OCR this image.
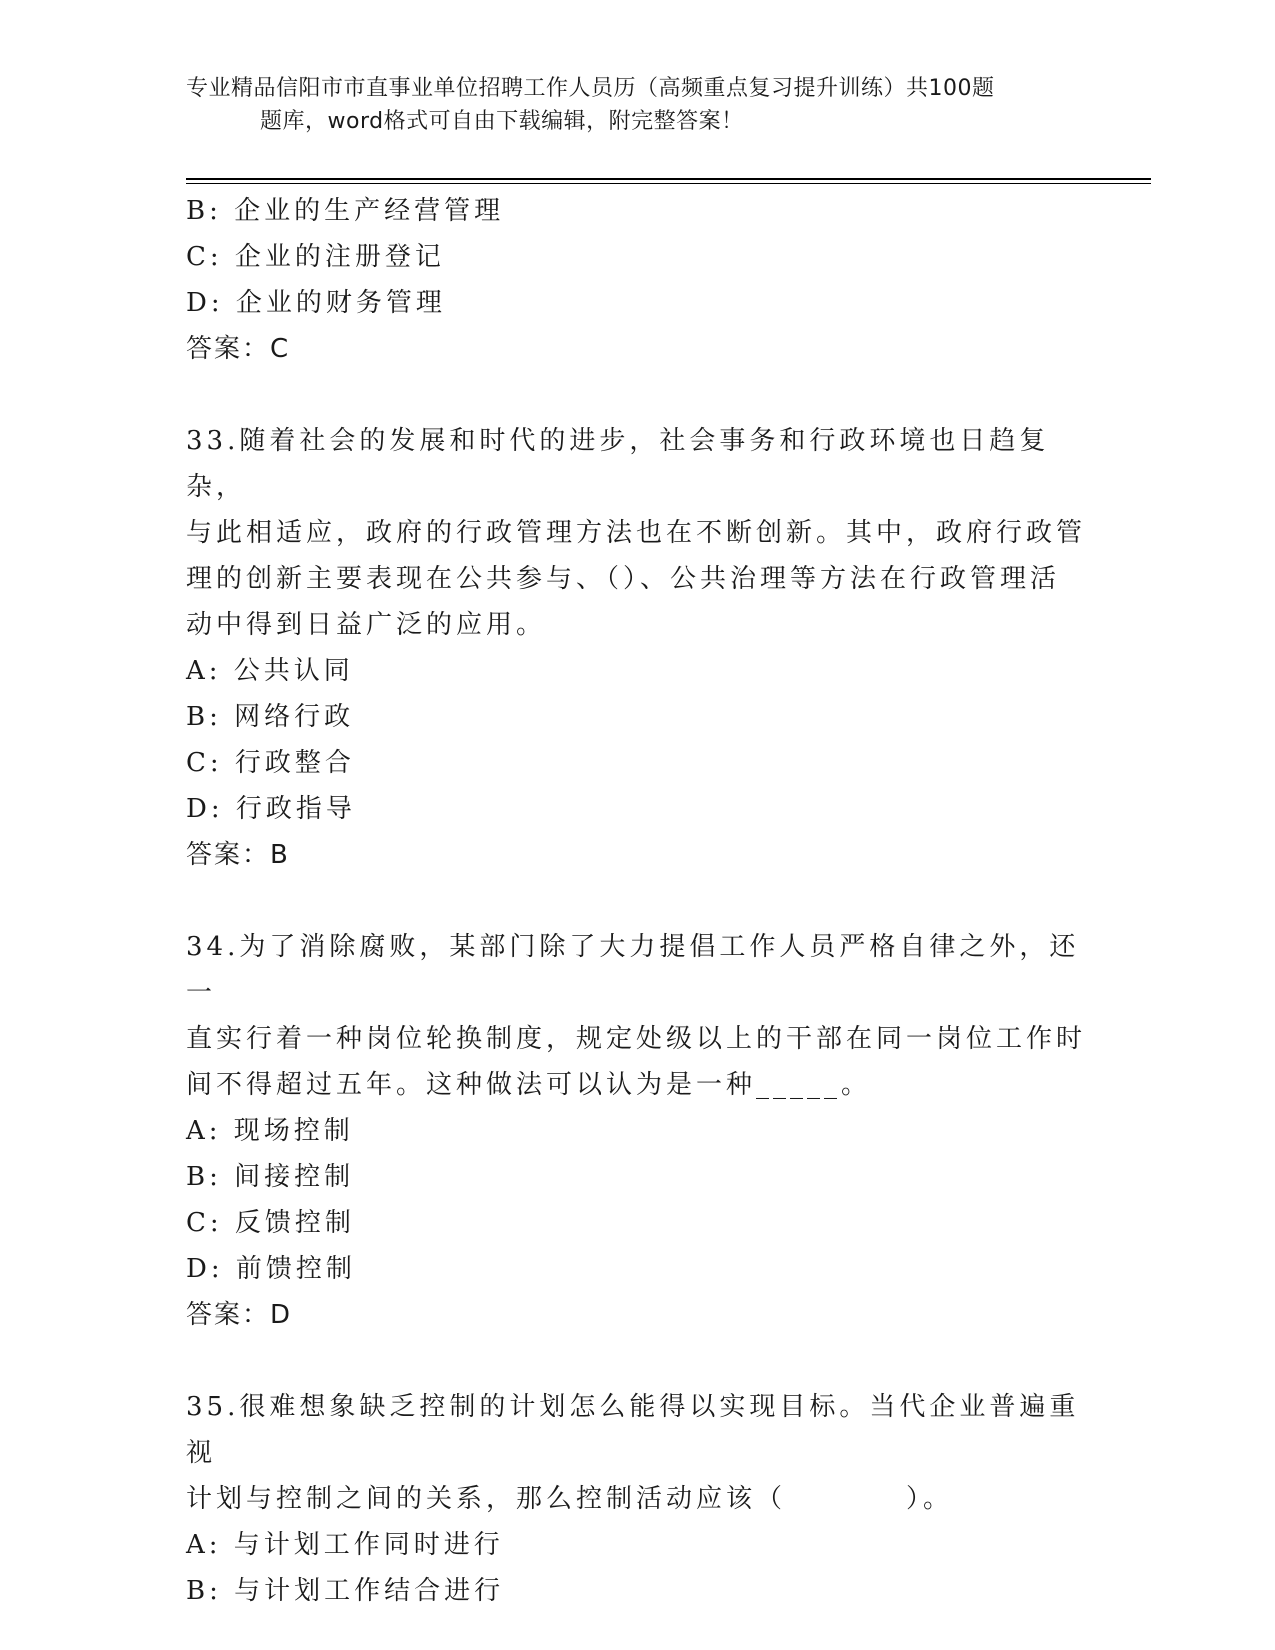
专业精品信阳市市直事业单位招聘工作人员历（高频重点复习提升训练）共100题
题库，word格式可自由下载编辑，附完整答案！

B: 企业的生产经营管理

C: 企业的注册登记

D: 企业的财务管理

答案：C

33.随着社会的发展和时代的进步，社会事务和行政环境也日趋复杂，

与此相适应，政府的行政管理方法也在不断创新。其中，政府行政管

理的创新主要表现在公共参与、（）、公共治理等方法在行政管理活

动中得到日益广泛的应用。

A: 公共认同

B: 网络行政

C: 行政整合

D: 行政指导

答案：B

34.为了消除腐败，某部门除了大力提倡工作人员严格自律之外，还一

直实行着一种岗位轮换制度，规定处级以上的干部在同一岗位工作时

间不得超过五年。这种做法可以认为是一种_____。

A: 现场控制

B: 间接控制

C: 反馈控制

D: 前馈控制

答案：D

35.很难想象缺乏控制的计划怎么能得以实现目标。当代企业普遍重视

计划与控制之间的关系，那么控制活动应该（　　　　）。

A: 与计划工作同时进行

B: 与计划工作结合进行
